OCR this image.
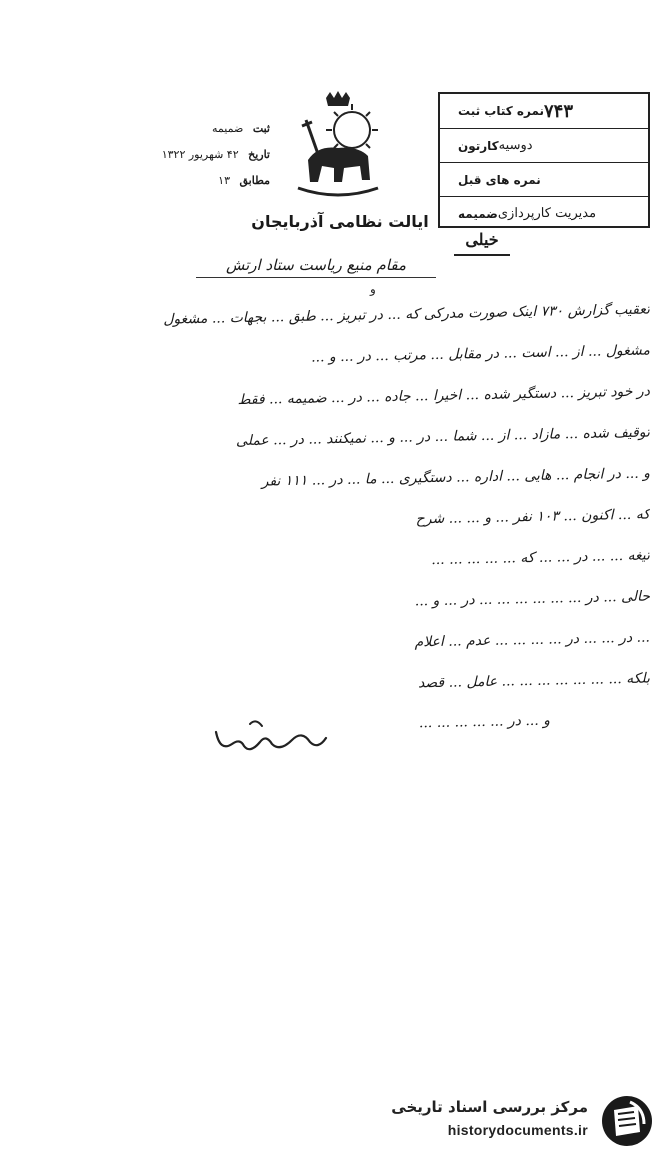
ثبت ضمیمه
تاریخ ۴۲ شهریور ۱۳۲۲
مطابق ۱۳
نمره کتاب ثبت ۷۴۳
کارتون دوسیه
نمره های قبل
ضمیمه مدیریت کارپردازی
خیلی
ایالت نظامی آذربایجان
مقام منیع ریاست ستاد ارتش
و
تعقیب گزارش ۷۳۰ اینک صورت مدرکی که ... در تبریز ... طبق ... بجهات ... مشغول
مشغول ... از ... است ... در مقابل ... مرتب ... در ... و ...
در خود تبریز ... دستگیر شده ... اخیرا ... جاده ... در ... ضمیمه ... فقط
توقیف شده ... مازاد ... از ... شما ... در ... و ... نمیکنند ... در ... عملی
و ... در انجام ... هایی ... اداره ... دستگیری ... ما ... در ... ۱۱۱ نفر
که ... اکنون ... ۱۰۳ نفر ... و ... ... شرح
تیغه ... ... در ... ... که ... ... ... ... ...
حالی ... در ... ... ... ... ... ... در ... و ...
... در ... ... در ... ... ... ... عدم ... اعلام
بلکه ... ... ... ... ... ... ... عامل ... قصد
و ... در ... ... ... ... ...
مرکز بررسی اسناد تاریخی
historydocuments.ir
